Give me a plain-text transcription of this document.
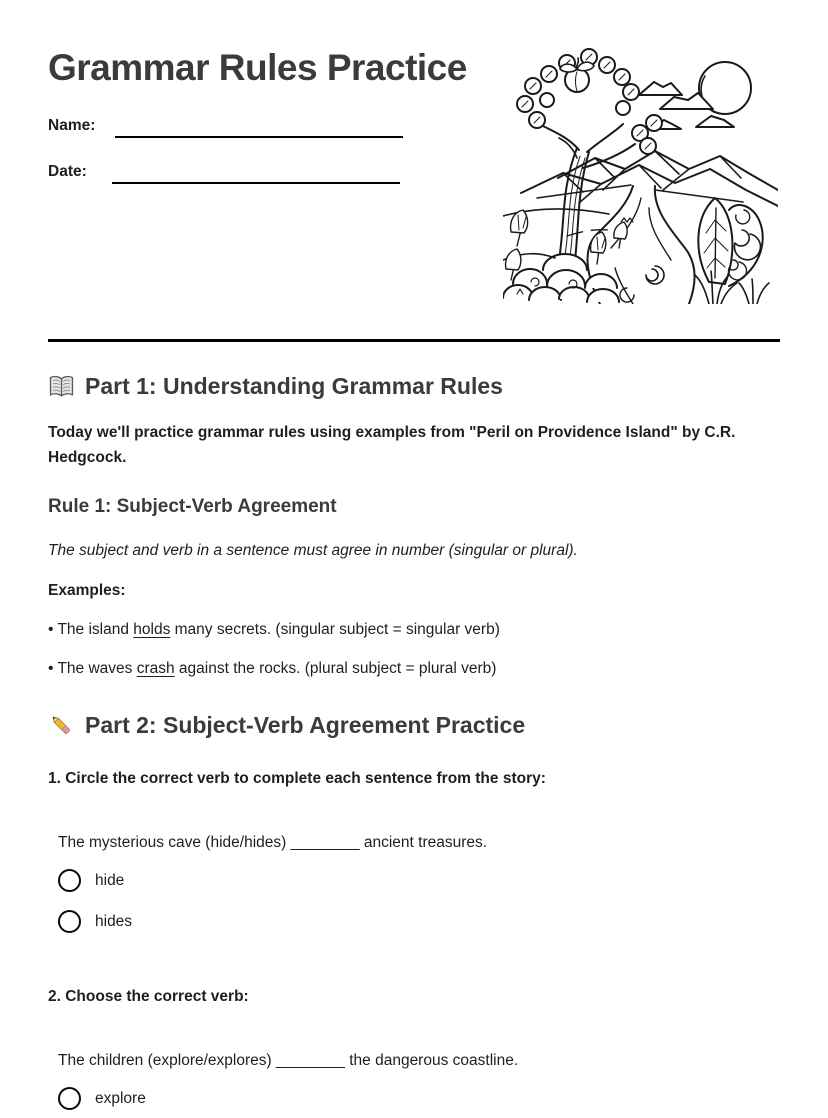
Grammar Rules Practice
Name:
Date:
Part 1: Understanding Grammar Rules

Today we'll practice grammar rules using examples from "Peril on Providence Island" by C.R. Hedgcock.

Rule 1: Subject-Verb Agreement

The subject and verb in a sentence must agree in number (singular or plural).

Examples:

• The island holds many secrets. (singular subject = singular verb)

• The waves crash against the rocks. (plural subject = plural verb)

Part 2: Subject-Verb Agreement Practice

1. Circle the correct verb to complete each sentence from the story:

The mysterious cave (hide/hides) ________ ancient treasures.

hide
hides

2. Choose the correct verb:

The children (explore/explores) ________ the dangerous coastline.

explore
